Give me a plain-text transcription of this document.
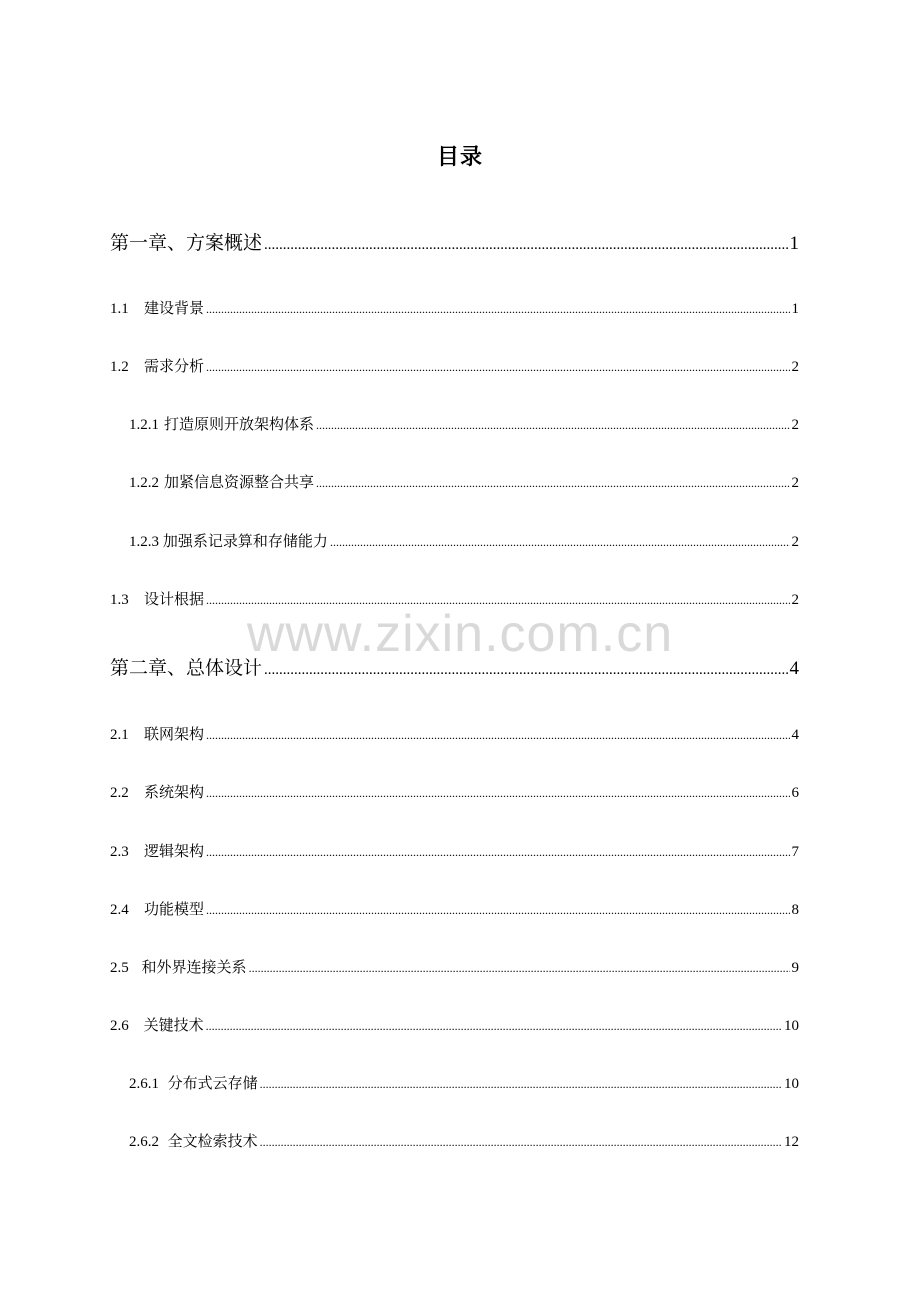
目录
第一章、 方案概述 .....	1
1.1	建设背景 .....	1
1.2	需求分析 .....	2
1.2.1 打造原则开放架构体系 .....	2
1.2.2 加紧信息资源整合共享 .....	2
1.2.3 加强系记录算和存储能力 .....	2
1.3	设计根据 .....	2
第二章、 总体设计 .....	4
2.1	联网架构 .....	4
2.2	系统架构 .....	6
2.3	逻辑架构 .....	7
2.4	功能模型 .....	8
2.5 和外界连接关系 .....	9
2.6 关键技术 .....	10
2.6.1 分布式云存储 .....	10
2.6.2 全文检索技术 .....	12
www.zixin.com.cn
